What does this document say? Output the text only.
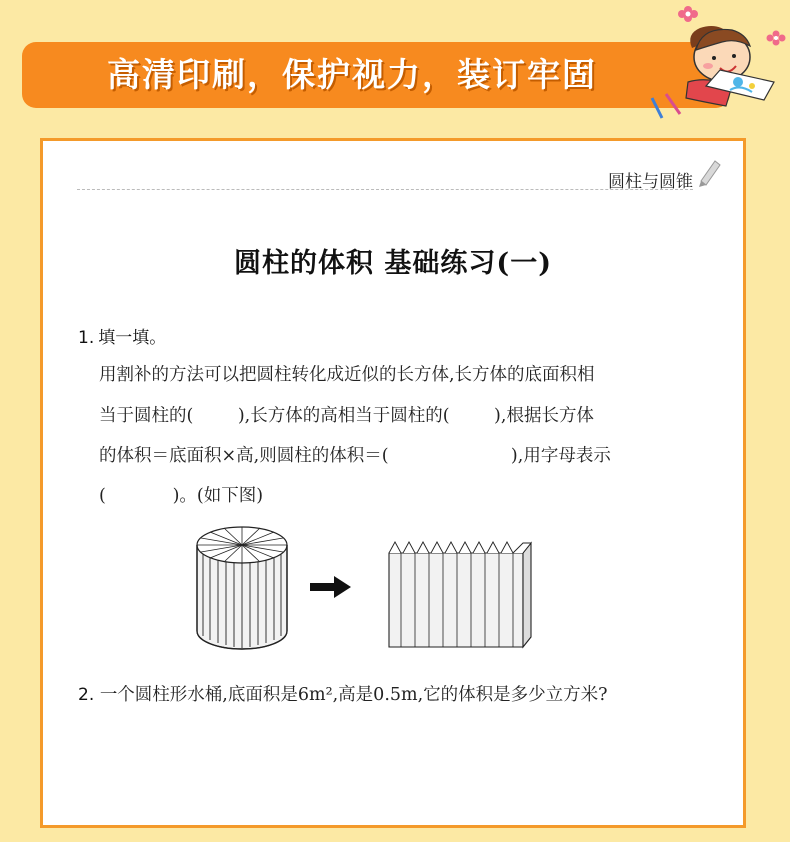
高清印刷，保护视力，装订牢固
圆柱与圆锥
圆柱的体积 基础练习(一)
1. 填一填。
用割补的方法可以把圆柱转化成近似的长方体,长方体的底面积相
当于圆柱的(        ),长方体的高相当于圆柱的(        ),根据长方体
的体积＝底面积×高,则圆柱的体积＝(                      ),用字母表示
(            )。(如下图)
2. 一个圆柱形水桶,底面积是6m²,高是0.5m,它的体积是多少立方米?
